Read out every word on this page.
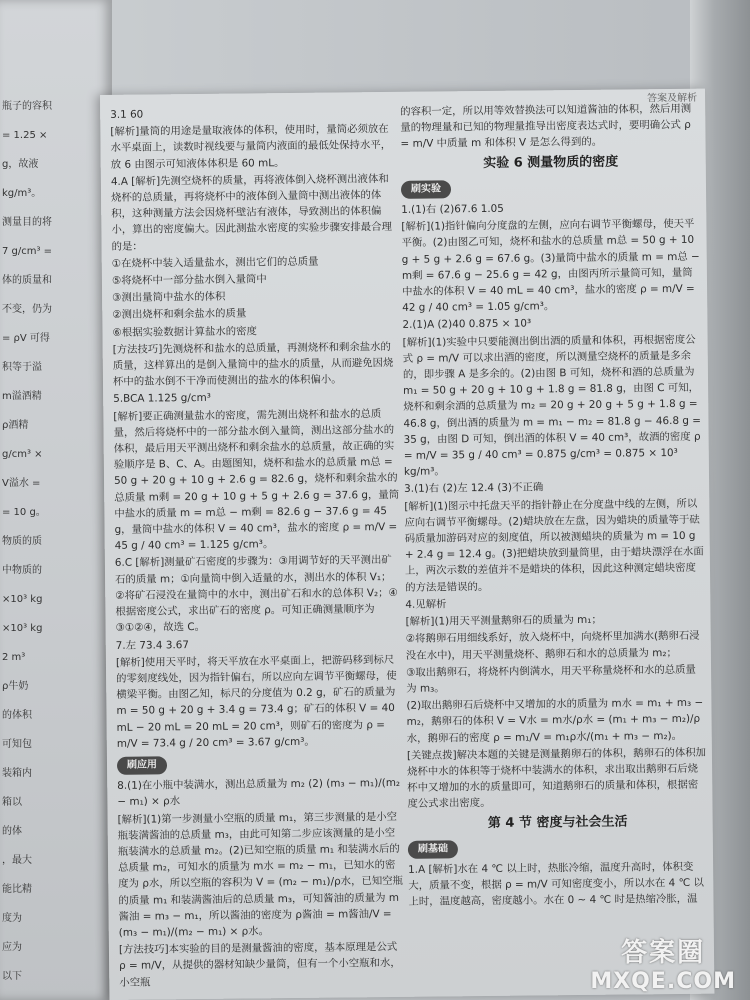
瓶子的容积
= 1.25 ×
g，故液
kg/m³。
测量目的将
7 g/cm³ =
体的质量和
不变，仍为
= ρV 可得
积等于溢
m溢酒精
ρ酒精
g/cm³ ×
V溢水 =
= 10 g。
物质的质
中物质的
×10³ kg
×10³ kg
2 m³
ρ牛奶
的体积
可知包
装箱内
箱以
的体
，最大
能比精
度为
应为
以下
答案及解析

3.1 60

[解析]量筒的用途是量取液体的体积，使用时，量筒必须放在水平桌面上，读数时视线要与量筒内液面的最低处保持水平，放 6 由图示可知液体体积是 60 mL。

4.A [解析]先测空烧杯的质量，再将液体倒入烧杯测出液体和烧杯的总质量，再将烧杯中的液体倒入量筒中测出液体的体积，这种测量方法会因烧杯壁沾有液体，导致测出的体积偏小，算出的密度偏大。因此测盐水密度的实验步骤安排最合理的是：

①在烧杯中装入适量盐水，测出它们的总质量

⑤将烧杯中一部分盐水倒入量筒中

③测出量筒中盐水的体积

②测出烧杯和剩余盐水的质量

⑥根据实验数据计算盐水的密度

[方法技巧]先测烧杯和盐水的总质量，再测烧杯和剩余盐水的质量，这样算出的是倒入量筒中的盐水的质量，从而避免因烧杯中的盐水倒不干净而使测出的盐水的体积偏小。

5.BCA 1.125 g/cm³

[解析]要正确测量盐水的密度，需先测出烧杯和盐水的总质量，然后将烧杯中的一部分盐水倒入量筒，测出这部分盐水的体积，最后用天平测出烧杯和剩余盐水的总质量，故正确的实验顺序是 B、C、A。由题图知，烧杯和盐水的总质量 m总 = 50 g + 20 g + 10 g + 2.6 g = 82.6 g，烧杯和剩余盐水的总质量 m剩 = 20 g + 10 g + 5 g + 2.6 g = 37.6 g，量筒中盐水的质量 m = m总 − m剩 = 82.6 g − 37.6 g = 45 g，量筒中盐水的体积 V = 40 cm³，盐水的密度 ρ = m/V = 45 g / 40 cm³ = 1.125 g/cm³。

6.C [解析]测量矿石密度的步骤为：③用调节好的天平测出矿石的质量 m；①向量筒中倒入适量的水，测出水的体积 V₁；②将矿石浸没在量筒中的水中，测出矿石和水的总体积 V₂；④根据密度公式，求出矿石的密度 ρ。可知正确测量顺序为③①②④，故选 C。

7.左 73.4 3.67

[解析]使用天平时，将天平放在水平桌面上，把游码移到标尺的零刻度线处，因为指针偏右，所以应向左调节平衡螺母，使横梁平衡。由图乙知，标尺的分度值为 0.2 g，矿石的质量为 m = 50 g + 20 g + 3.4 g = 73.4 g；矿石的体积 V = 40 mL − 20 mL = 20 mL = 20 cm³，则矿石的密度为 ρ = m/V = 73.4 g / 20 cm³ = 3.67 g/cm³。

刷应用

8.(1)在小瓶中装满水，测出总质量为 m₂ (2) (m₃ − m₁)/(m₂ − m₁) × ρ水

[解析](1)第一步测量小空瓶的质量 m₁，第三步测量的是小空瓶装满酱油的总质量 m₃，由此可知第二步应该测量的是小空瓶装满水的总质量 m₂。(2)已知空瓶的质量 m₁ 和装满水后的总质量 m₂，可知水的质量为 m水 = m₂ − m₁，已知水的密度为 ρ水，所以空瓶的容积为 V = (m₂ − m₁)/ρ水，已知空瓶的质量 m₁ 和装满酱油后的总质量 m₃，可知酱油的质量为 m酱油 = m₃ − m₁，所以酱油的密度为 ρ酱油 = m酱油/V = (m₃ − m₁)/(m₂ − m₁) × ρ水。

[方法技巧]本实验的目的是测量酱油的密度，基本原理是公式 ρ = m/V，从提供的器材知缺少量筒，但有一个小空瓶和水，小空瓶

的容积一定，所以用等效替换法可以知道酱油的体积，然后用测量的物理量和已知的物理量推导出密度表达式时，要明确公式 ρ = m/V 中质量 m 和体积 V 是怎么得到的。

实验 6 测量物质的密度
刷实验

1.(1)右 (2)67.6 1.05

[解析](1)指针偏向分度盘的左侧，应向右调节平衡螺母，使天平平衡。(2)由图乙可知，烧杯和盐水的总质量 m总 = 50 g + 10 g + 5 g + 2.6 g = 67.6 g。(3)量筒中盐水的质量 m = m总 − m剩 = 67.6 g − 25.6 g = 42 g，由图丙所示量筒可知，量筒中盐水的体积 V = 40 mL = 40 cm³，盐水的密度 ρ = m/V = 42 g / 40 cm³ = 1.05 g/cm³。

2.(1)A (2)40 0.875 × 10³

[解析](1)实验中只要能测出倒出酒的质量和体积，再根据密度公式 ρ = m/V 可以求出酒的密度，所以测量空烧杯的质量是多余的，即步骤 A 是多余的。(2)由图 B 可知，烧杯和酒的总质量为 m₁ = 50 g + 20 g + 10 g + 1.8 g = 81.8 g，由图 C 可知，烧杯和剩余酒的总质量为 m₂ = 20 g + 20 g + 5 g + 1.8 g = 46.8 g，倒出酒的质量为 m = m₁ − m₂ = 81.8 g − 46.8 g = 35 g，由图 D 可知，倒出酒的体积 V = 40 cm³，故酒的密度 ρ = m/V = 35 g / 40 cm³ = 0.875 g/cm³ = 0.875 × 10³ kg/m³。

3.(1)右 (2)左 12.4 (3)不正确

[解析](1)图示中托盘天平的指针静止在分度盘中线的左侧，所以应向右调节平衡螺母。(2)蜡块放在左盘，因为蜡块的质量等于砝码质量加游码对应的刻度值，所以被测蜡块的质量为 m = 10 g + 2.4 g = 12.4 g。(3)把蜡块放到量筒里，由于蜡块漂浮在水面上，两次示数的差值并不是蜡块的体积，因此这种测定蜡块密度的方法是错误的。

4.见解析

[解析](1)用天平测量鹅卵石的质量为 m₁；

②将鹅卵石用细线系好，放入烧杯中，向烧杯里加满水(鹅卵石浸没在水中)，用天平测量烧杯、鹅卵石和水的总质量为 m₂；

③取出鹅卵石，将烧杯内倒满水，用天平称量烧杯和水的总质量为 m₃。

(2)取出鹅卵石后烧杯中又增加的水的质量为 m水 = m₁ + m₃ − m₂，鹅卵石的体积 V = V水 = m水/ρ水 = (m₁ + m₃ − m₂)/ρ水，鹅卵石的密度 ρ = m₁/V = m₁ρ水/(m₁ + m₃ − m₂)。

[关键点拨]解决本题的关键是测量鹅卵石的体积，鹅卵石的体积加烧杯中水的体积等于烧杯中装满水的体积，求出取出鹅卵石后烧杯中又增加的水的质量即可，知道鹅卵石的质量和体积，根据密度公式求出密度。

第 4 节 密度与社会生活
刷基础

1.A [解析]水在 4 ℃ 以上时，热胀冷缩，温度升高时，体积变大，质量不变，根据 ρ = m/V 可知密度变小，所以水在 4 ℃ 以上时，温度越高，密度越小。水在 0 ~ 4 ℃ 时是热缩冷胀，温

答案圈
MXQE.COM
